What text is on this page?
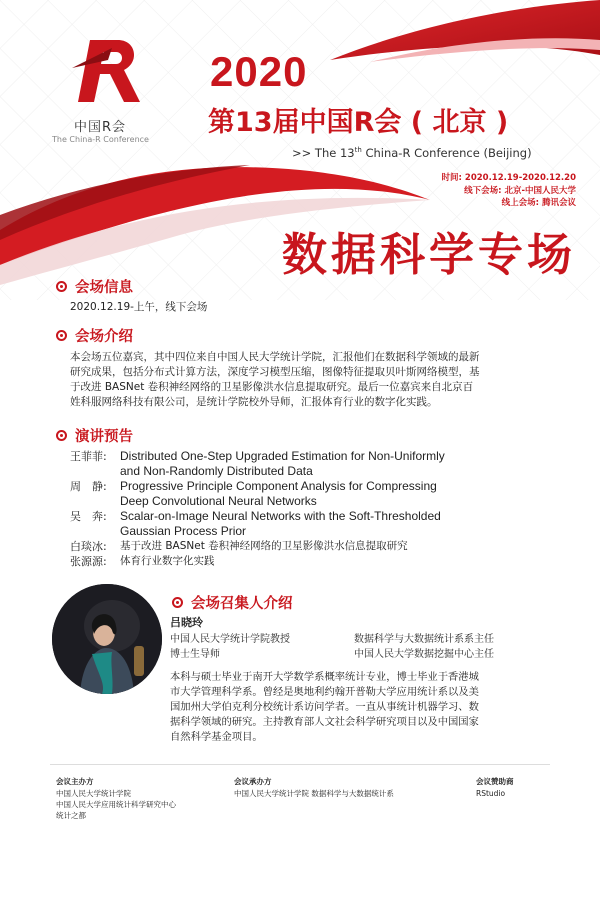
中国R会
The China-R Conference
2020
第13届中国R会 ( 北京 )
>> The 13th China-R Conference (Beijing)
时间: 2020.12.19-2020.12.20
线下会场: 北京-中国人民大学
线上会场: 腾讯会议
数据科学专场
会场信息
2020.12.19-上午，线下会场
会场介绍
本会场五位嘉宾，其中四位来自中国人民大学统计学院，汇报他们在数据科学领域的最新
研究成果，包括分布式计算方法，深度学习模型压缩，图像特征提取贝叶斯网络模型，基
于改进 BASNet 卷积神经网络的卫星影像洪水信息提取研究。最后一位嘉宾来自北京百
姓科服网络科技有限公司，是统计学院校外导师，汇报体育行业的数字化实践。
演讲预告
王菲菲:	Distributed One-Step Upgraded Estimation for Non-Uniformly
and Non-Randomly Distributed Data
周　静:	Progressive Principle Component Analysis for Compressing
Deep Convolutional Neural Networks
吴　奔:	Scalar-on-Image Neural Networks with the Soft-Thresholded
Gaussian Process Prior
白琰冰:	基于改进 BASNet 卷积神经网络的卫星影像洪水信息提取研究
张源源:	体育行业数字化实践
会场召集人介绍
吕晓玲
中国人民大学统计学院教授	数据科学与大数据统计系系主任
博士生导师	中国人民大学数据挖掘中心主任
本科与硕士毕业于南开大学数学系概率统计专业，博士毕业于香港城
市大学管理科学系。曾经是奥地利约翰开普勒大学应用统计系以及美
国加州大学伯克利分校统计系访问学者。一直从事统计机器学习、数
据科学领域的研究。主持教育部人文社会科学研究项目以及中国国家
自然科学基金项目。
会议主办方
中国人民大学统计学院
中国人民大学应用统计科学研究中心
统计之都
会议承办方
中国人民大学统计学院 数据科学与大数据统计系
会议赞助商
RStudio
